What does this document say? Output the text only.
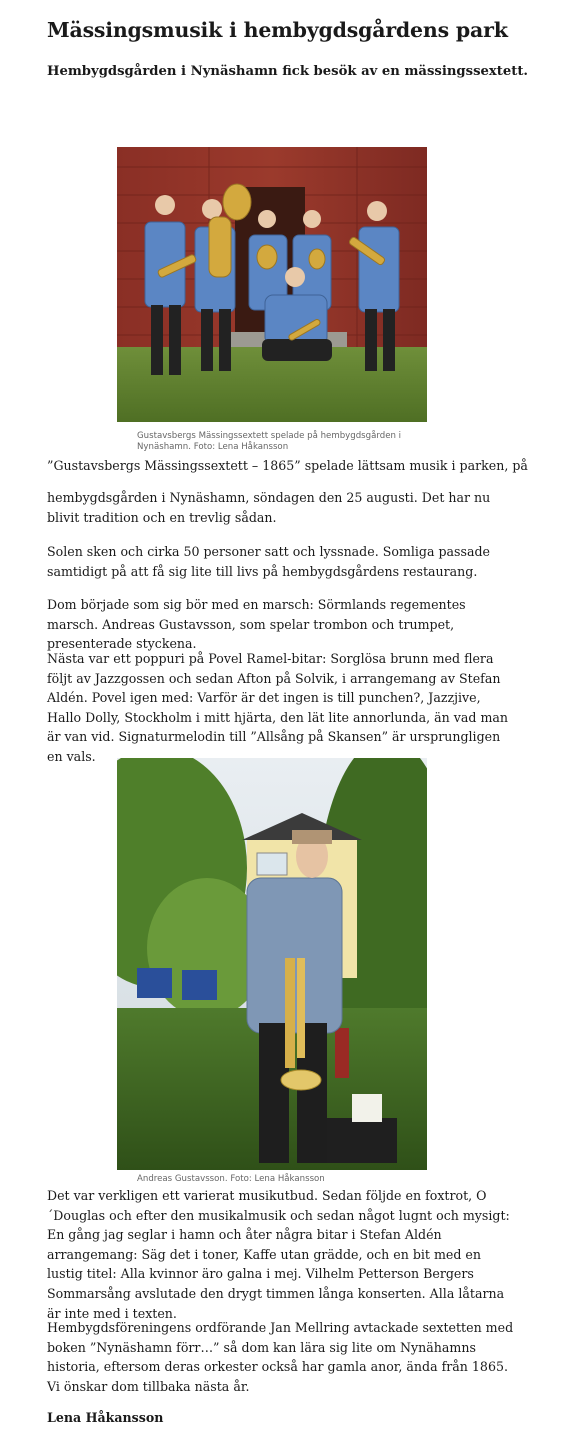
Mässingsmusik i hembygdsgårdens park

Hembygdsgården i Nynäshamn fick besök av en mässingssextett.

Gustavsbergs Mässingssextett spelade på hembygdsgården i
Nynäshamn. Foto: Lena Håkansson

”Gustavsbergs Mässingssextett – 1865” spelade lättsam musik i parken, på

hembygdsgården i Nynäshamn, söndagen den 25 augusti. Det har nu blivit tradition och en trevlig sådan.

Solen sken och cirka 50 personer satt och lyssnade. Somliga passade samtidigt på att få sig lite till livs på hembygdsgårdens restaurang.

Dom började som sig bör med en marsch: Sörmlands regementes marsch. Andreas Gustavsson, som spelar trombon och trumpet, presenterade styckena.

Nästa var ett poppuri på Povel Ramel-bitar: Sorglösa brunn med flera följt av Jazzgossen och sedan Afton på Solvik, i arrangemang av Stefan Aldén. Povel igen med: Varför är det ingen is till punchen?, Jazzjive, Hallo Dolly, Stockholm i mitt hjärta, den lät lite annorlunda, än vad man är van vid. Signaturmelodin till ”Allsång på Skansen” är ursprungligen en vals.

Andreas Gustavsson. Foto: Lena Håkansson

Det var verkligen ett varierat musikutbud. Sedan följde en foxtrot, O´Douglas och efter den musikalmusik och sedan något lugnt och mysigt: En gång jag seglar i hamn och åter några bitar i Stefan Aldén arrangemang: Säg det i toner, Kaffe utan grädde, och en bit med en lustig titel: Alla kvinnor äro galna i mej. Vilhelm Petterson Bergers Sommarsång avslutade den drygt timmen långa konserten. Alla låtarna är inte med i texten.

Hembygdsföreningens ordförande Jan Mellring avtackade sextetten med boken ”Nynäshamn förr…” så dom kan lära sig lite om Nynähamns historia, eftersom deras orkester också har gamla anor, ända från 1865. Vi önskar dom tillbaka nästa år.

Lena Håkansson
